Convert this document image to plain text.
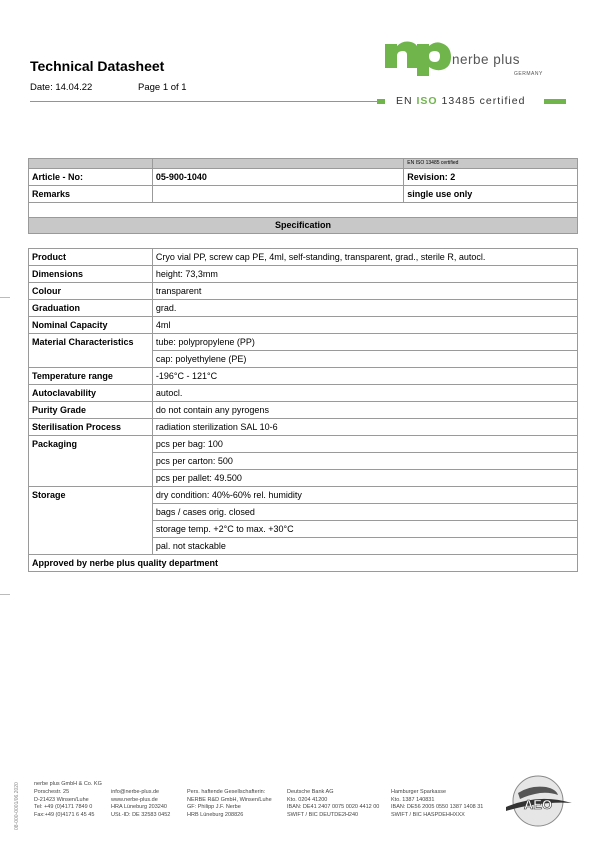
Technical Datasheet
Date: 14.04.22	Page 1 of 1
nerbe plus
GERMANY
EN ISO 13485 certified
		EN ISO 13485 certified
Article - No:	05-900-1040	Revision: 2
Remarks		single use only

Specification		
Product	Cryo vial PP, screw cap PE, 4ml, self-standing, transparent, grad., sterile R, autocl.
Dimensions	height: 73,3mm
Colour	transparent
Graduation	grad.
Nominal Capacity	4ml
Material Characteristics	tube: polypropylene (PP)
	cap: polyethylene (PE)
Temperature range	-196°C - 121°C
Autoclavability	autocl.
Purity Grade	do not contain any pyrogens
Sterilisation Process	radiation sterilization SAL 10-6
Packaging	pcs per bag: 100
	pcs per carton: 500
	pcs per pallet: 49.500
Storage	dry condition: 40%-60% rel. humidity
	bags / cases orig. closed
	storage temp. +2°C to max. +30°C
	pal. not stackable
Approved by nerbe plus quality department	
08-000-0001/06.2020	nerbe plus GmbH & Co. KG
Porschestr. 25
D-21423 Winsen/Luhe
Tel: +49 (0)4171 7849 0
Fax:+49 (0)4171 6 45 45

info@nerbe-plus.de
www.nerbe-plus.de
HRA Lüneburg 203240
USt.-ID: DE 32583 0452

Pers. haftende Gesellschafterin:
NERBE R&D GmbH, Winsen/Luhe
GF: Philipp J.F. Nerbe
HRB Lüneburg 208826

Deutsche Bank AG
Kto. 0204 41200
IBAN: DE41 2407 0075 0020 4412 00
SWIFT / BIC DEUTDE2H240

Hamburger Sparkasse
Kto. 1387 140831
IBAN: DE56 2005 0550 1387 1408 31
SWIFT / BIC HASPDEHHXXX
AEO
